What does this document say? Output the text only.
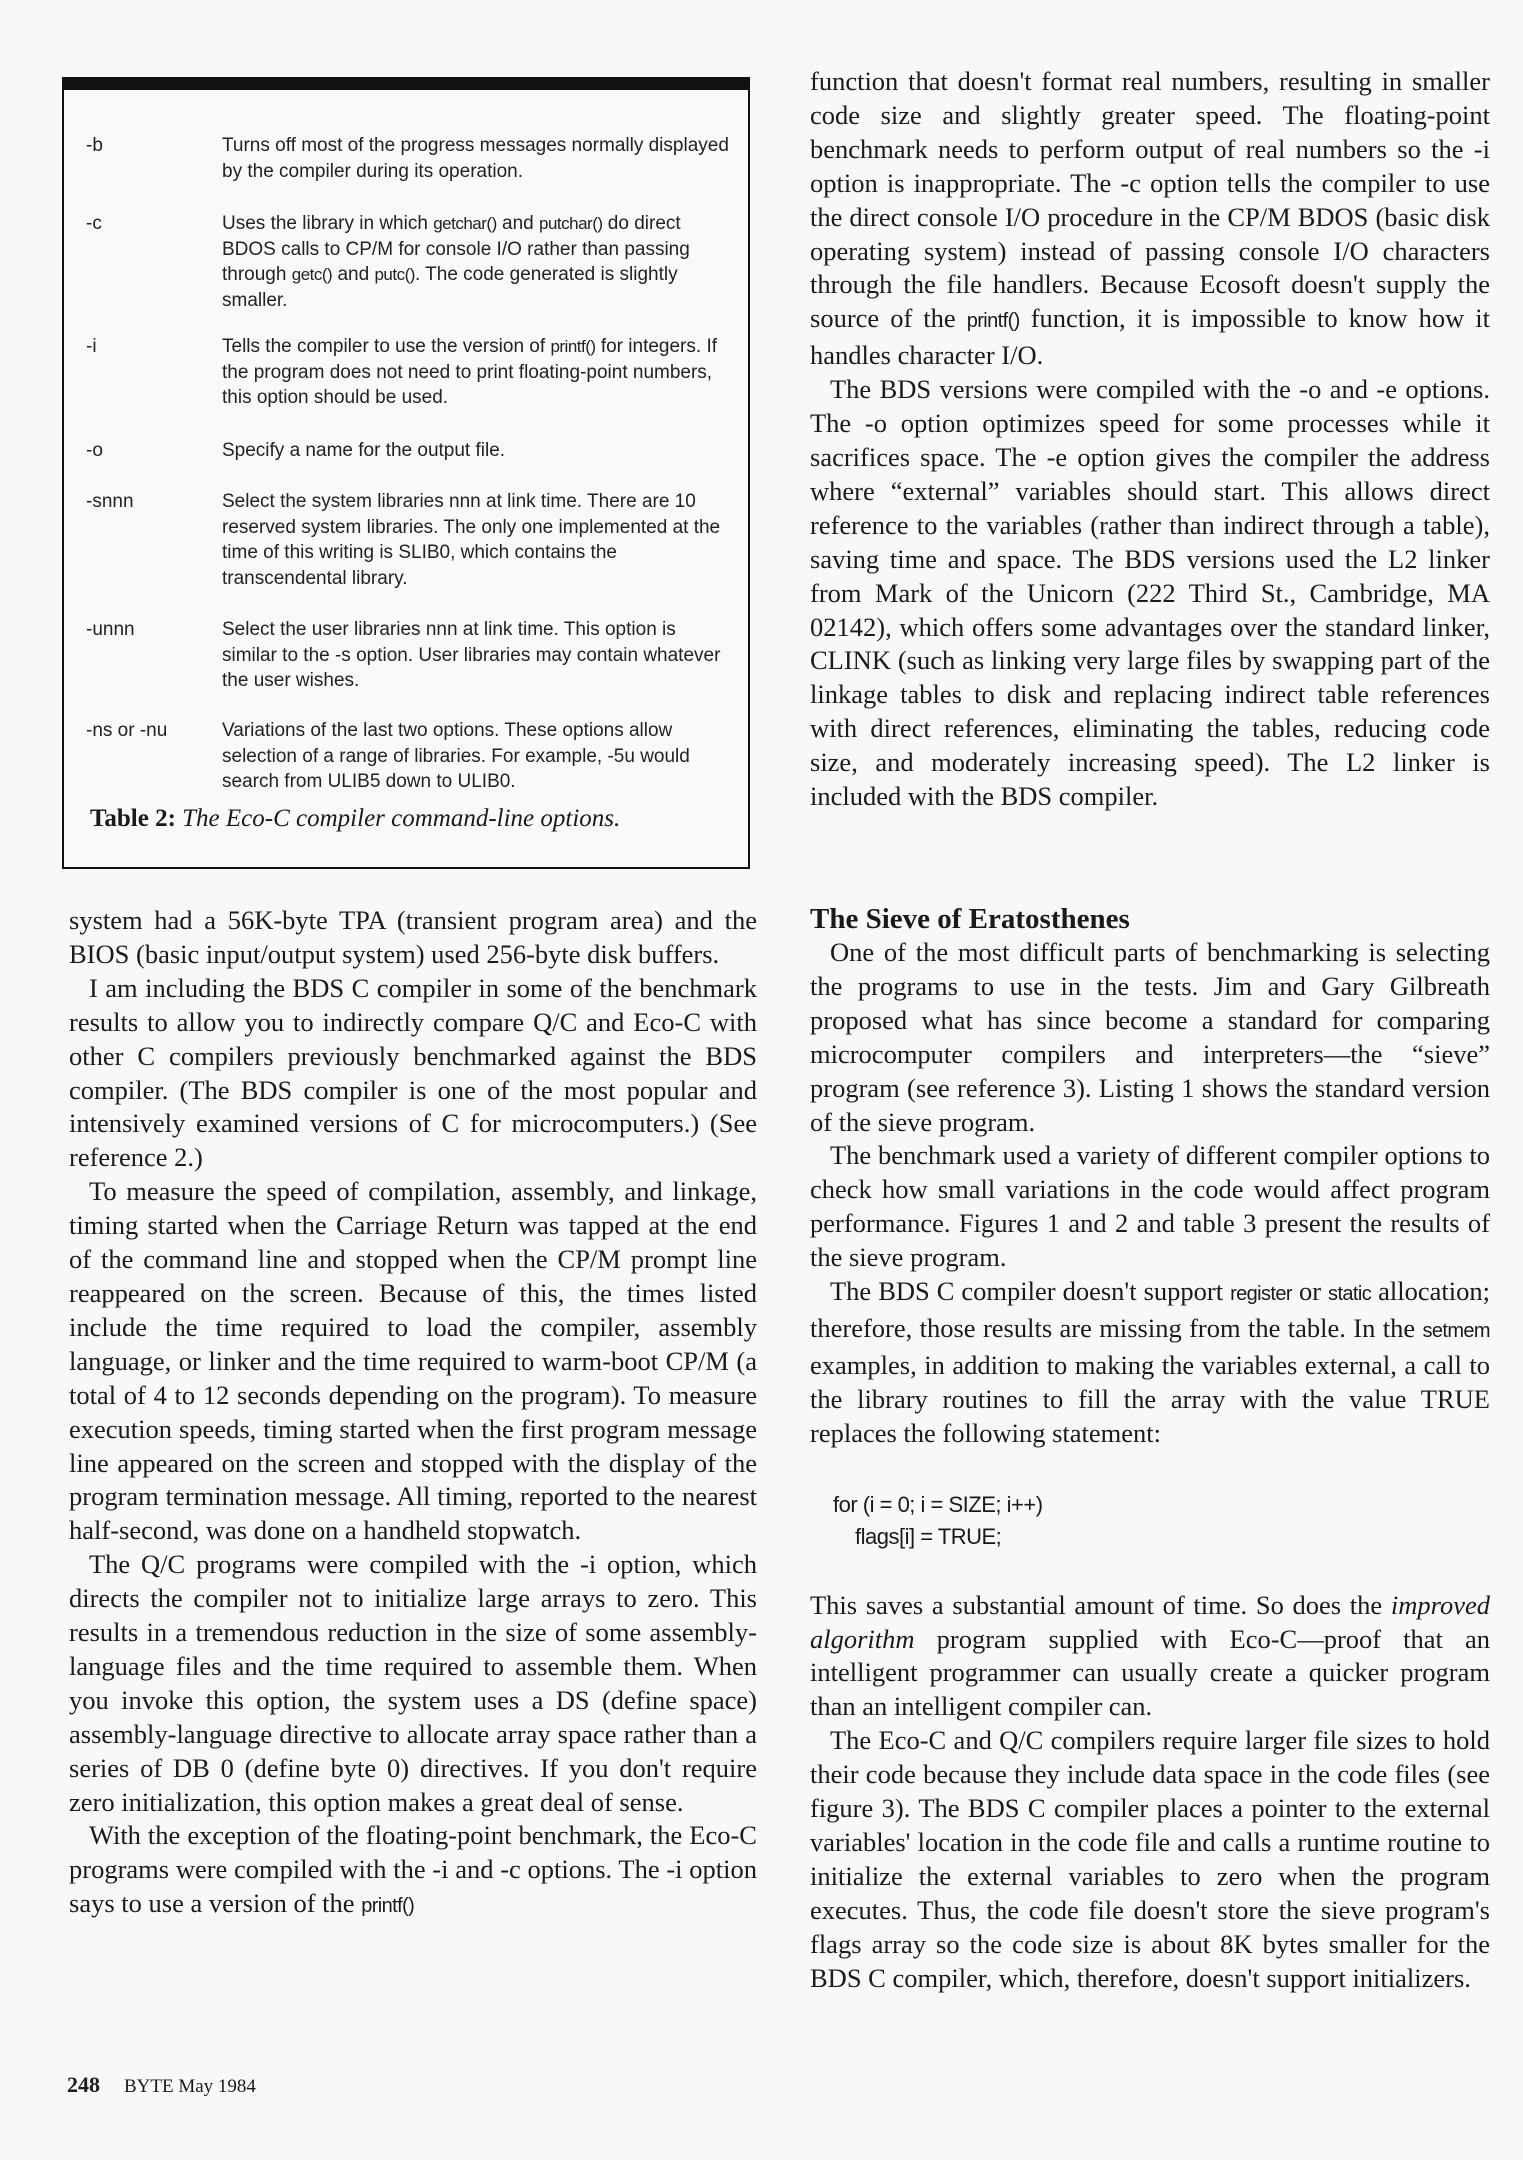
-b	Turns off most of the progress messages normally displayed by the compiler during its operation.
-c	Uses the library in which getchar() and putchar() do direct BDOS calls to CP/M for console I/O rather than passing through getc() and putc(). The code generated is slightly smaller.
-i	Tells the compiler to use the version of printf() for integers. If the program does not need to print floating-point numbers, this option should be used.
-o	Specify a name for the output file.
-snnn	Select the system libraries nnn at link time. There are 10 reserved system libraries. The only one implemented at the time of this writing is SLIB0, which contains the transcendental library.
-unnn	Select the user libraries nnn at link time. This option is similar to the -s option. User libraries may contain whatever the user wishes.
-ns or -nu	Variations of the last two options. These options allow selection of a range of libraries. For example, -5u would search from ULIB5 down to ULIB0.
Table 2: The Eco-C compiler command-line options.

system had a 56K-byte TPA (transient program area) and the BIOS (basic input/output system) used 256-byte disk buffers.

I am including the BDS C compiler in some of the benchmark results to allow you to indirectly compare Q/C and Eco-C with other C compilers previously benchmarked against the BDS compiler. (The BDS compiler is one of the most popular and intensively examined versions of C for microcomputers.) (See reference 2.)

To measure the speed of compilation, assembly, and linkage, timing started when the Carriage Return was tapped at the end of the command line and stopped when the CP/M prompt line reappeared on the screen. Because of this, the times listed include the time required to load the compiler, assembly language, or linker and the time required to warm-boot CP/M (a total of 4 to 12 seconds depending on the program). To measure execution speeds, timing started when the first program message line appeared on the screen and stopped with the display of the program termination message. All timing, reported to the nearest half-second, was done on a handheld stopwatch.

The Q/C programs were compiled with the -i option, which directs the compiler not to initialize large arrays to zero. This results in a tremendous reduction in the size of some assembly-language files and the time required to assemble them. When you invoke this option, the system uses a DS (define space) assembly-language directive to allocate array space rather than a series of DB 0 (define byte 0) directives. If you don't require zero initialization, this option makes a great deal of sense.

With the exception of the floating-point benchmark, the Eco-C programs were compiled with the -i and -c options. The -i option says to use a version of the printf()

function that doesn't format real numbers, resulting in smaller code size and slightly greater speed. The floating-point benchmark needs to perform output of real numbers so the -i option is inappropriate. The -c option tells the compiler to use the direct console I/O procedure in the CP/M BDOS (basic disk operating system) instead of passing console I/O characters through the file handlers. Because Ecosoft doesn't supply the source of the printf() function, it is impossible to know how it handles character I/O.

The BDS versions were compiled with the -o and -e options. The -o option optimizes speed for some processes while it sacrifices space. The -e option gives the compiler the address where “external” variables should start. This allows direct reference to the variables (rather than indirect through a table), saving time and space. The BDS versions used the L2 linker from Mark of the Unicorn (222 Third St., Cambridge, MA 02142), which offers some advantages over the standard linker, CLINK (such as linking very large files by swapping part of the linkage tables to disk and replacing indirect table references with direct references, eliminating the tables, reducing code size, and moderately increasing speed). The L2 linker is included with the BDS compiler.

The Sieve of Eratosthenes

One of the most difficult parts of benchmarking is selecting the programs to use in the tests. Jim and Gary Gilbreath proposed what has since become a standard for comparing microcomputer compilers and interpreters—the “sieve” program (see reference 3). Listing 1 shows the standard version of the sieve program.

The benchmark used a variety of different compiler options to check how small variations in the code would affect program performance. Figures 1 and 2 and table 3 present the results of the sieve program.

The BDS C compiler doesn't support register or static allocation; therefore, those results are missing from the table. In the setmem examples, in addition to making the variables external, a call to the library routines to fill the array with the value TRUE replaces the following statement:

for (i = 0; i = SIZE; i++)
flags[i] = TRUE;

This saves a substantial amount of time. So does the improved algorithm program supplied with Eco-C—proof that an intelligent programmer can usually create a quicker program than an intelligent compiler can.

The Eco-C and Q/C compilers require larger file sizes to hold their code because they include data space in the code files (see figure 3). The BDS C compiler places a pointer to the external variables' location in the code file and calls a runtime routine to initialize the external variables to zero when the program executes. Thus, the code file doesn't store the sieve program's flags array so the code size is about 8K bytes smaller for the BDS C compiler, which, therefore, doesn't support initializers.

248 BYTE May 1984
